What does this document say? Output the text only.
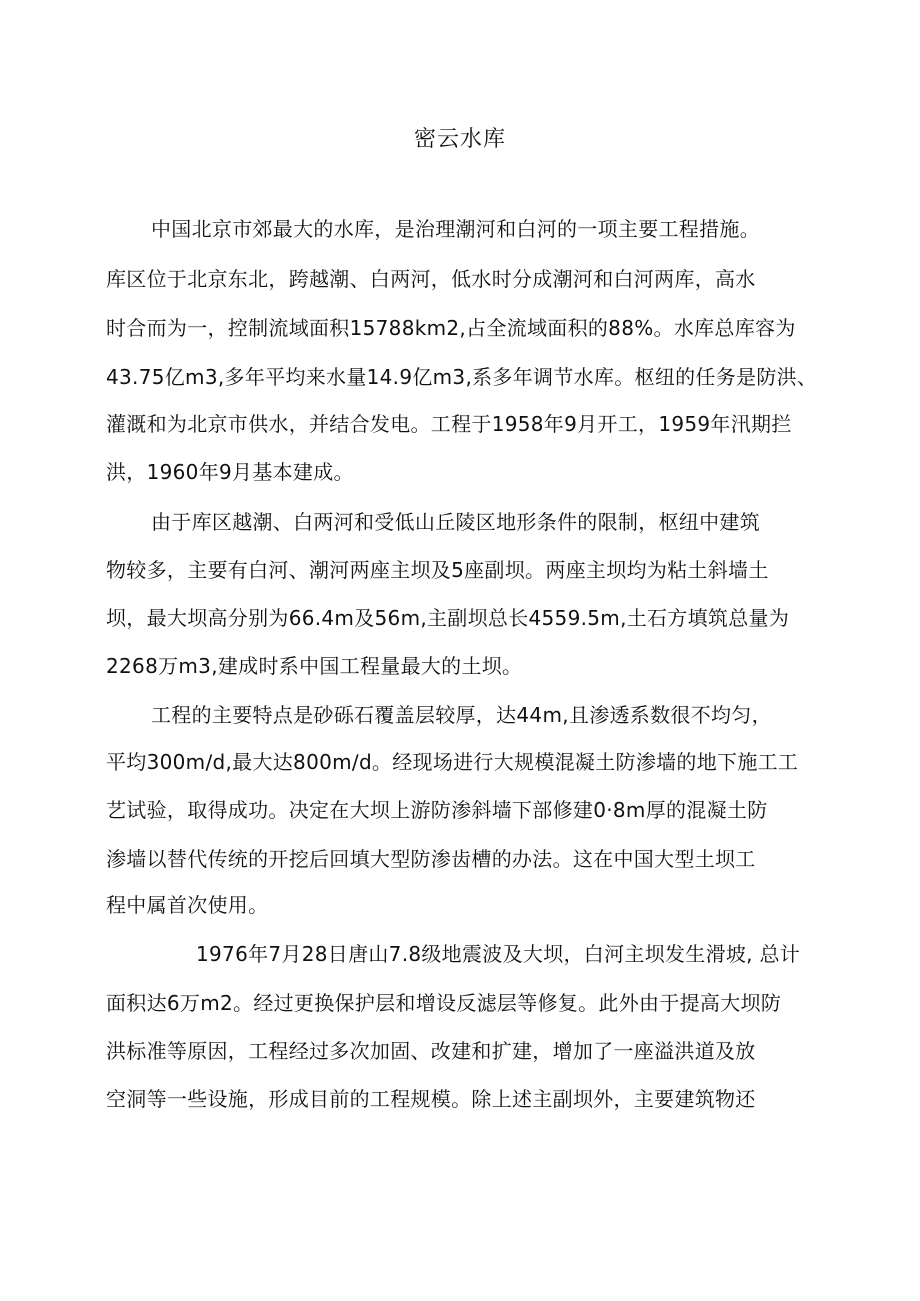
密云水库
中国北京市郊最大的水库，是治理潮河和白河的一项主要工程措施。
库区位于北京东北，跨越潮、白两河，低水时分成潮河和白河两库，高水
时合而为一，控制流域面积15788km2,占全流域面积的88%。水库总库容为
43.75亿m3,多年平均来水量14.9亿m3,系多年调节水库。枢纽的任务是防洪、
灌溉和为北京市供水，并结合发电。工程于1958年9月开工，1959年汛期拦
洪，1960年9月基本建成。
由于库区越潮、白两河和受低山丘陵区地形条件的限制，枢纽中建筑
物较多，主要有白河、潮河两座主坝及5座副坝。两座主坝均为粘土斜墙土
坝，最大坝高分别为66.4m及56m,主副坝总长4559.5m,土石方填筑总量为
2268万m3,建成时系中国工程量最大的土坝。
工程的主要特点是砂砾石覆盖层较厚，达44m,且渗透系数很不均匀，
平均300m∕d,最大达800m∕d。经现场进行大规模混凝土防渗墙的地下施工工
艺试验，取得成功。决定在大坝上游防渗斜墙下部修建0·8m厚的混凝土防
渗墙以替代传统的开挖后回填大型防渗齿槽的办法。这在中国大型土坝工
程中属首次使用。
1976年7月28日唐山7.8级地震波及大坝，白河主坝发生滑坡, 总计
面积达6万m2。经过更换保护层和增设反滤层等修复。此外由于提高大坝防
洪标准等原因，工程经过多次加固、改建和扩建，增加了一座溢洪道及放
空洞等一些设施，形成目前的工程规模。除上述主副坝外，主要建筑物还
